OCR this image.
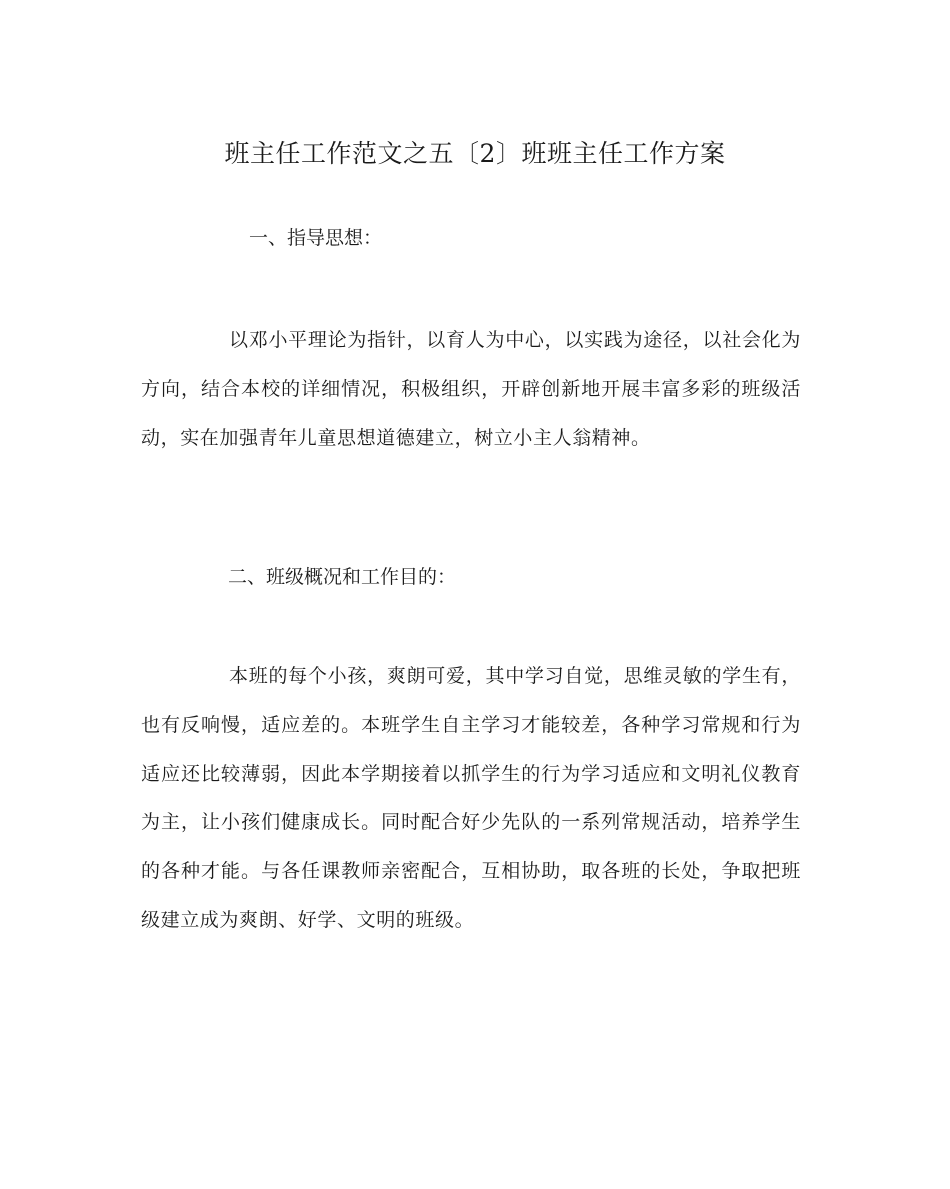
班主任工作范文之五〔2〕班班主任工作方案
一、指导思想：

以邓小平理论为指针，以育人为中心，以实践为途径，以社会化为方向，结合本校的详细情况，积极组织，开辟创新地开展丰富多彩的班级活动，实在加强青年儿童思想道德建立，树立小主人翁精神。

二、班级概况和工作目的：

本班的每个小孩，爽朗可爱，其中学习自觉，思维灵敏的学生有，也有反响慢，适应差的。本班学生自主学习才能较差，各种学习常规和行为适应还比较薄弱，因此本学期接着以抓学生的行为学习适应和文明礼仪教育为主，让小孩们健康成长。同时配合好少先队的一系列常规活动，培养学生的各种才能。与各任课教师亲密配合，互相协助，取各班的长处，争取把班级建立成为爽朗、好学、文明的班级。
